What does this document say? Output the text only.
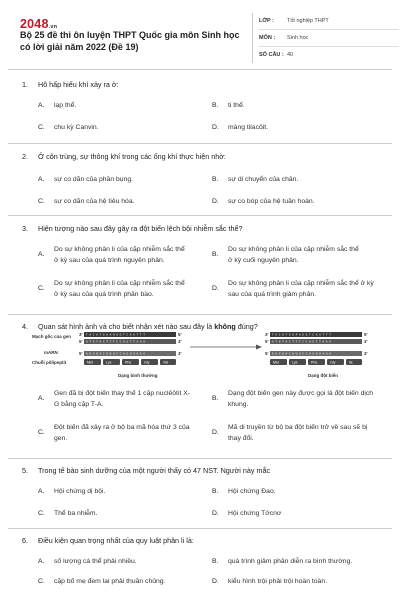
2048.vn
Bộ 25 đề thi ôn luyện THPT Quốc gia môn Sinh học có lời giải năm 2022 (Đề 19)
LỚP :	Tốt nghiệp THPT
MÔN :	Sinh học
SỐ CÂU : 40
1. Hô hấp hiếu khí xảy ra ở:
A.	lạp thể.	B.	ti thể.
C.	chu kỳ Canvin.	D.	màng tilacôit.
2. Ở côn trùng, sự thông khí trong các ống khí thực hiện nhờ:
A.	sự co dãn của phần bụng.	B.	sự di chuyển của chân.
C.	sự co dãn của hệ tiêu hóa.	D.	sự co bóp của hệ tuần hoàn.
3. Hiện tượng nào sau đây gây ra đột biến lệch bội nhiễm sắc thể?
A.
Do sự không phân li của cặp nhiễm sắc thể ở kỳ sau của quá trình nguyên phân.
B.
Do sự không phân li của cặp nhiễm sắc thể ở kỳ cuối nguyên phân.
C.
Do sự không phân li của cặp nhiễm sắc thể ở kỳ sau của quá trình phân bào.
D.
Do sự không phân li của cặp nhiễm sắc thể ở kỳ sau của quá trình giảm phân.
4. Quan sát hình ảnh và cho biết nhận xét nào sau đây là không đúng?
Mạch gốc của gen
mARN
Chuỗi pôlipeptit
3' T A C A T G A A A G G T C A A T T T	5'
5' A T G T A C T T T C C A G T T A A A	3'
5' A U G U A C U U U C C A G U U A A A	3'
Met	Lys	Phe	Gly	Val
Dạng bình thường
3' T A C A T G A A A G G T C A A T T T	5'
5' A T G T A C T T T C C A G T T A A A	3'
5' A U G U A C U U U C C A A U U A A A	3'
Met	Lys	Phe	Gly	Ile
Dạng đột biến
A.
Gen đã bị đột biến thay thế 1 cặp nuclêôtit X-G bằng cặp T-A.
B.
Dạng đột biến gen này được gọi là đột biến dịch khung.
C.
Đột biến đã xảy ra ở bộ ba mã hóa thứ 3 của gen.
D.
Mã di truyền từ bộ ba đột biến trở về sau sẽ bị thay đổi.
5. Trong tế bào sinh dưỡng của một người thấy có 47 NST. Người này mắc
A.	Hội chứng dị bội.	B.	Hội chứng Đao.
C.	Thể ba nhiễm.	D.	Hội chứng Tớcnơ
6. Điều kiện quan trọng nhất của quy luật phân li là:
A.	số lượng cá thể phải nhiều.	B.	quá trình giảm phân diễn ra bình thường.
C.	cặp bố mẹ đem lai phải thuần chủng.	D.	kiểu hình trội phải trội hoàn toàn.
